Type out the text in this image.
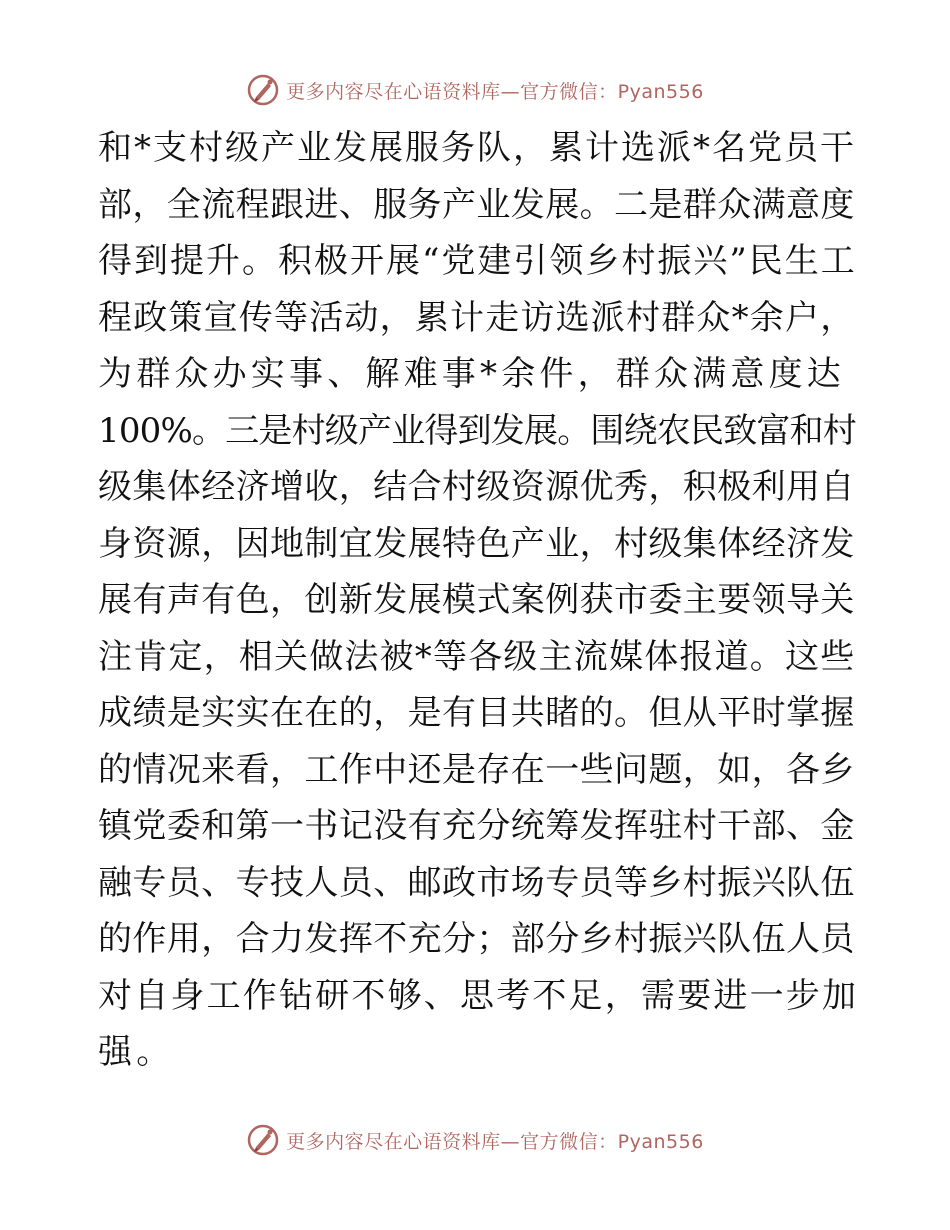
更多内容尽在心语资料库—官方微信：Pyan556
和*支村级产业发展服务队，累计选派*名党员干
部，全流程跟进、服务产业发展。二是群众满意度
得到提升。积极开展“党建引领乡村振兴”民生工
程政策宣传等活动，累计走访选派村群众*余户，
为群众办实事、解难事*余件，群众满意度达
100%。三是村级产业得到发展。围绕农民致富和村
级集体经济增收，结合村级资源优秀，积极利用自
身资源，因地制宜发展特色产业，村级集体经济发
展有声有色，创新发展模式案例获市委主要领导关
注肯定，相关做法被*等各级主流媒体报道。这些
成绩是实实在在的，是有目共睹的。但从平时掌握
的情况来看，工作中还是存在一些问题，如，各乡
镇党委和第一书记没有充分统筹发挥驻村干部、金
融专员、专技人员、邮政市场专员等乡村振兴队伍
的作用，合力发挥不充分；部分乡村振兴队伍人员
对自身工作钻研不够、思考不足，需要进一步加
强。
更多内容尽在心语资料库—官方微信：Pyan556
